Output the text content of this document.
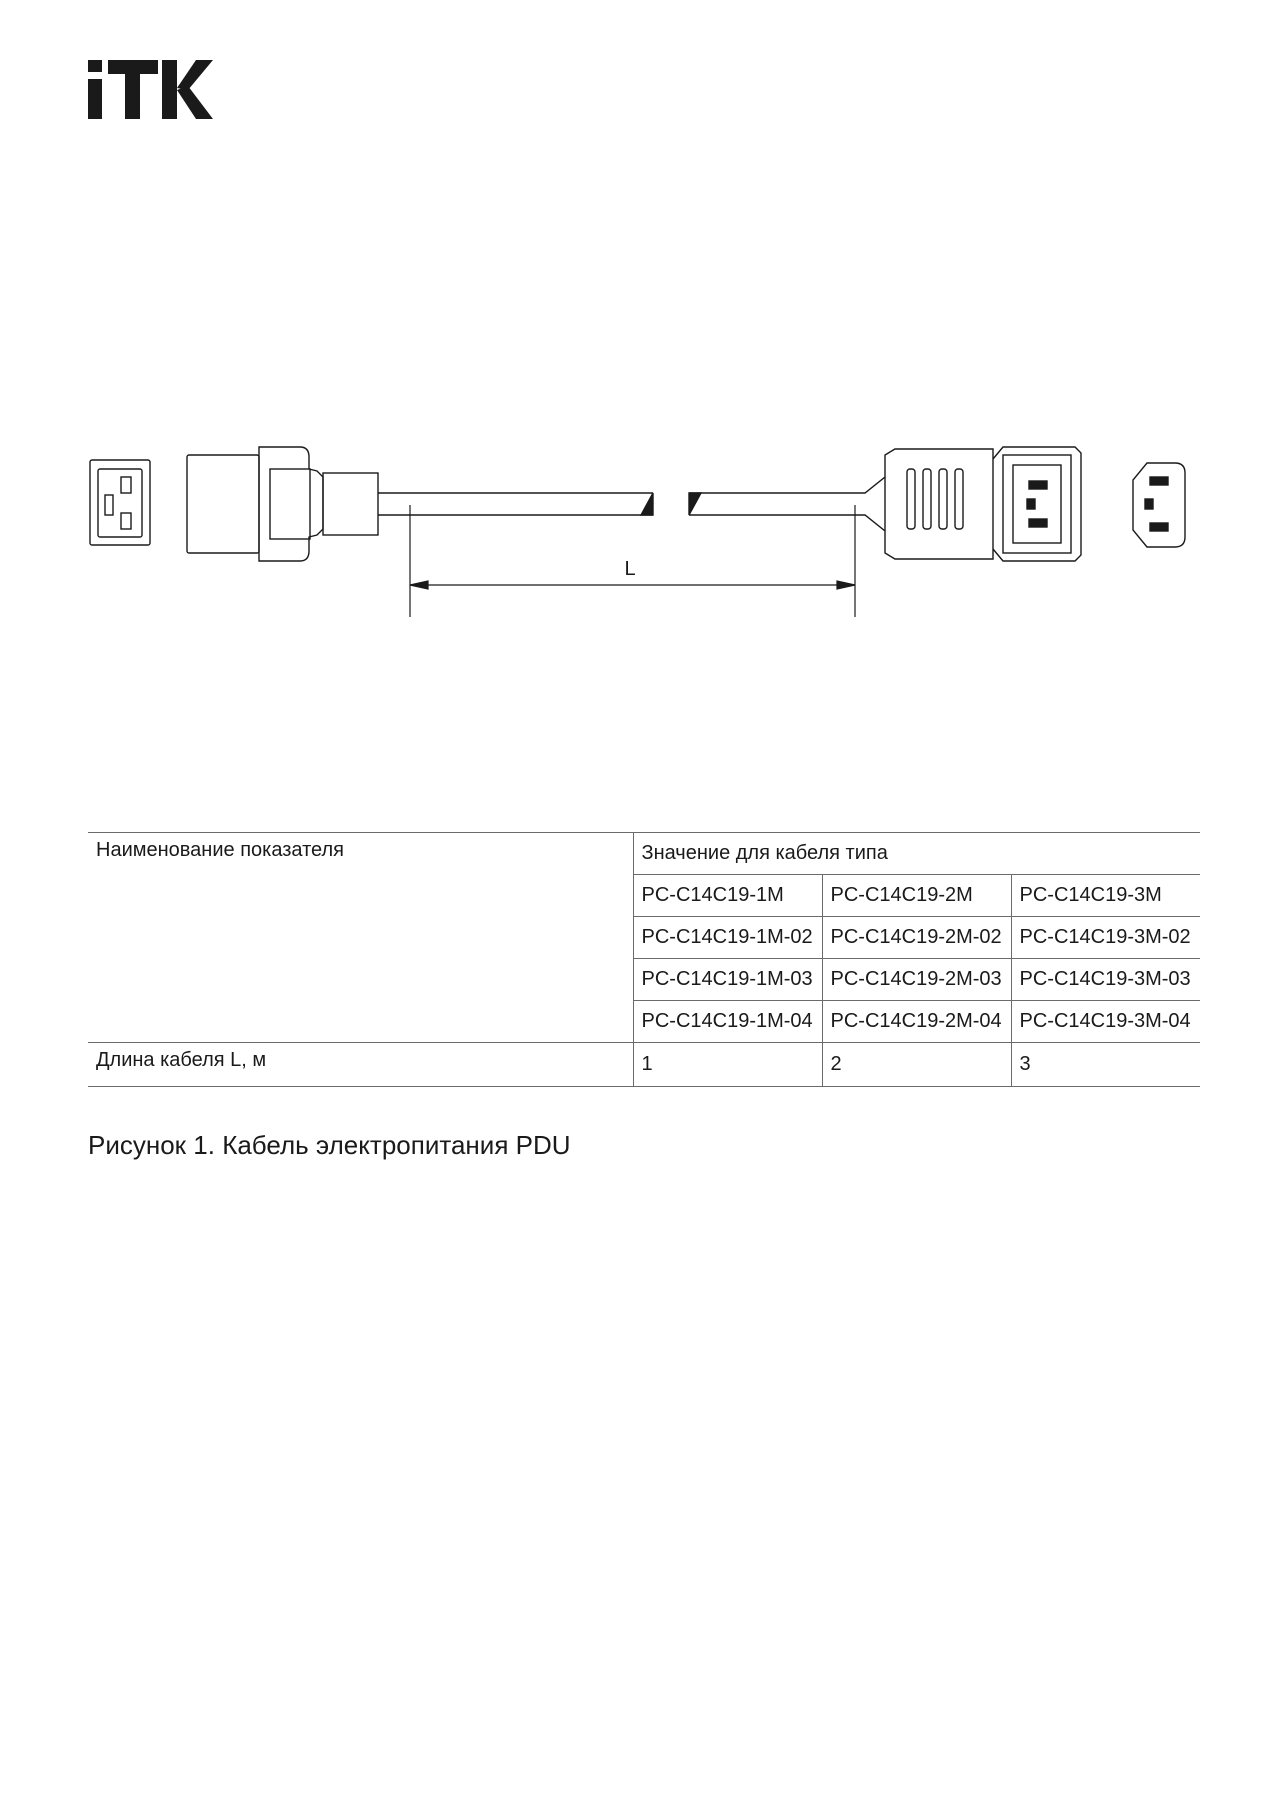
L
Наименование показателя	Значение для кабеля типа		
	PC-C14C19-1M	PC-C14C19-2M	PC-C14C19-3M
	PC-C14C19-1M-02	PC-C14C19-2M-02	PC-C14C19-3M-02
	PC-C14C19-1M-03	PC-C14C19-2M-03	PC-C14C19-3M-03
	PC-C14C19-1M-04	PC-C14C19-2M-04	PC-C14C19-3M-04
Длина кабеля L, м	1	2	3
Рисунок 1. Кабель электропитания PDU
